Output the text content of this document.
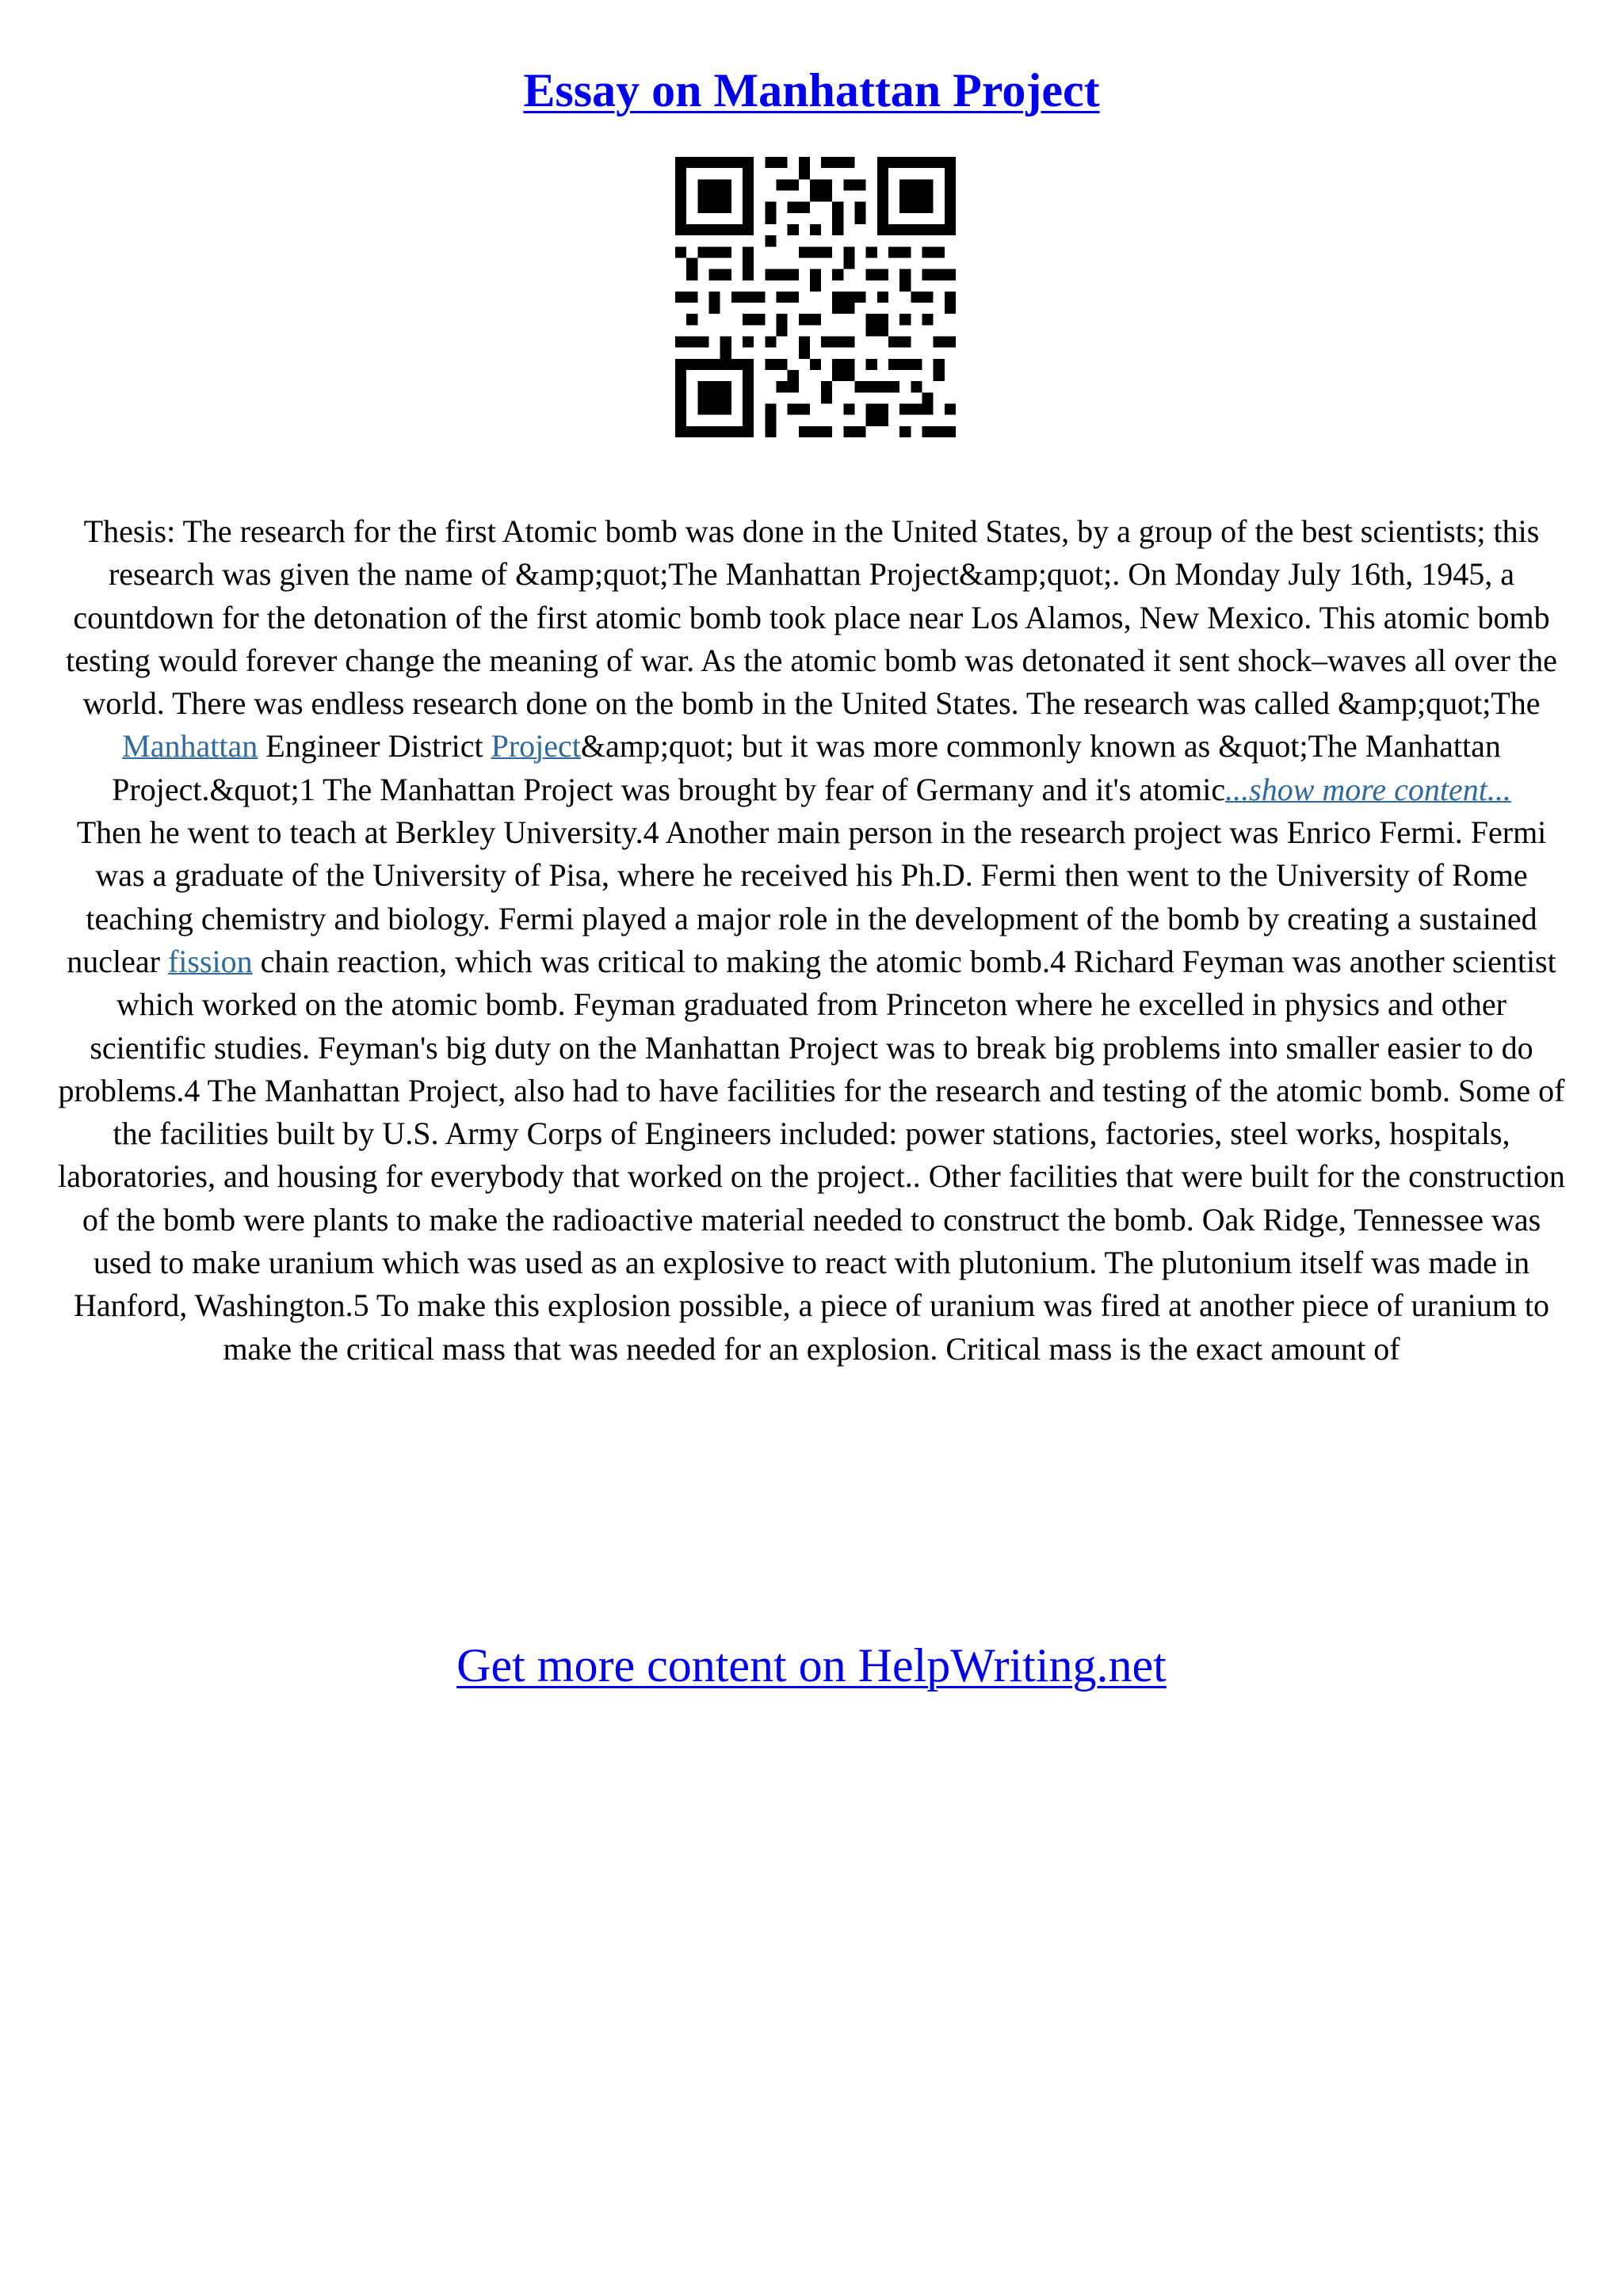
Essay on Manhattan Project

Thesis: The research for the first Atomic bomb was done in the United States, by a group of the best scientists; this research was given the name of &amp;quot;The Manhattan Project&amp;quot;. On Monday July 16th, 1945, a countdown for the detonation of the first atomic bomb took place near Los Alamos, New Mexico. This atomic bomb testing would forever change the meaning of war. As the atomic bomb was detonated it sent shock–waves all over the world. There was endless research done on the bomb in the United States. The research was called &amp;quot;The Manhattan Engineer District Project&amp;quot; but it was more commonly known as &quot;The Manhattan Project.&quot;1 The Manhattan Project was brought by fear of Germany and it's atomic...show more content...

Then he went to teach at Berkley University.4 Another main person in the research project was Enrico Fermi. Fermi was a graduate of the University of Pisa, where he received his Ph.D. Fermi then went to the University of Rome teaching chemistry and biology. Fermi played a major role in the development of the bomb by creating a sustained nuclear fission chain reaction, which was critical to making the atomic bomb.4 Richard Feyman was another scientist which worked on the atomic bomb. Feyman graduated from Princeton where he excelled in physics and other scientific studies. Feyman's big duty on the Manhattan Project was to break big problems into smaller easier to do problems.4 The Manhattan Project, also had to have facilities for the research and testing of the atomic bomb. Some of the facilities built by U.S. Army Corps of Engineers included: power stations, factories, steel works, hospitals, laboratories, and housing for everybody that worked on the project.. Other facilities that were built for the construction of the bomb were plants to make the radioactive material needed to construct the bomb. Oak Ridge, Tennessee was used to make uranium which was used as an explosive to react with plutonium. The plutonium itself was made in Hanford, Washington.5 To make this explosion possible, a piece of uranium was fired at another piece of uranium to make the critical mass that was needed for an explosion. Critical mass is the exact amount of

Get more content on HelpWriting.net
